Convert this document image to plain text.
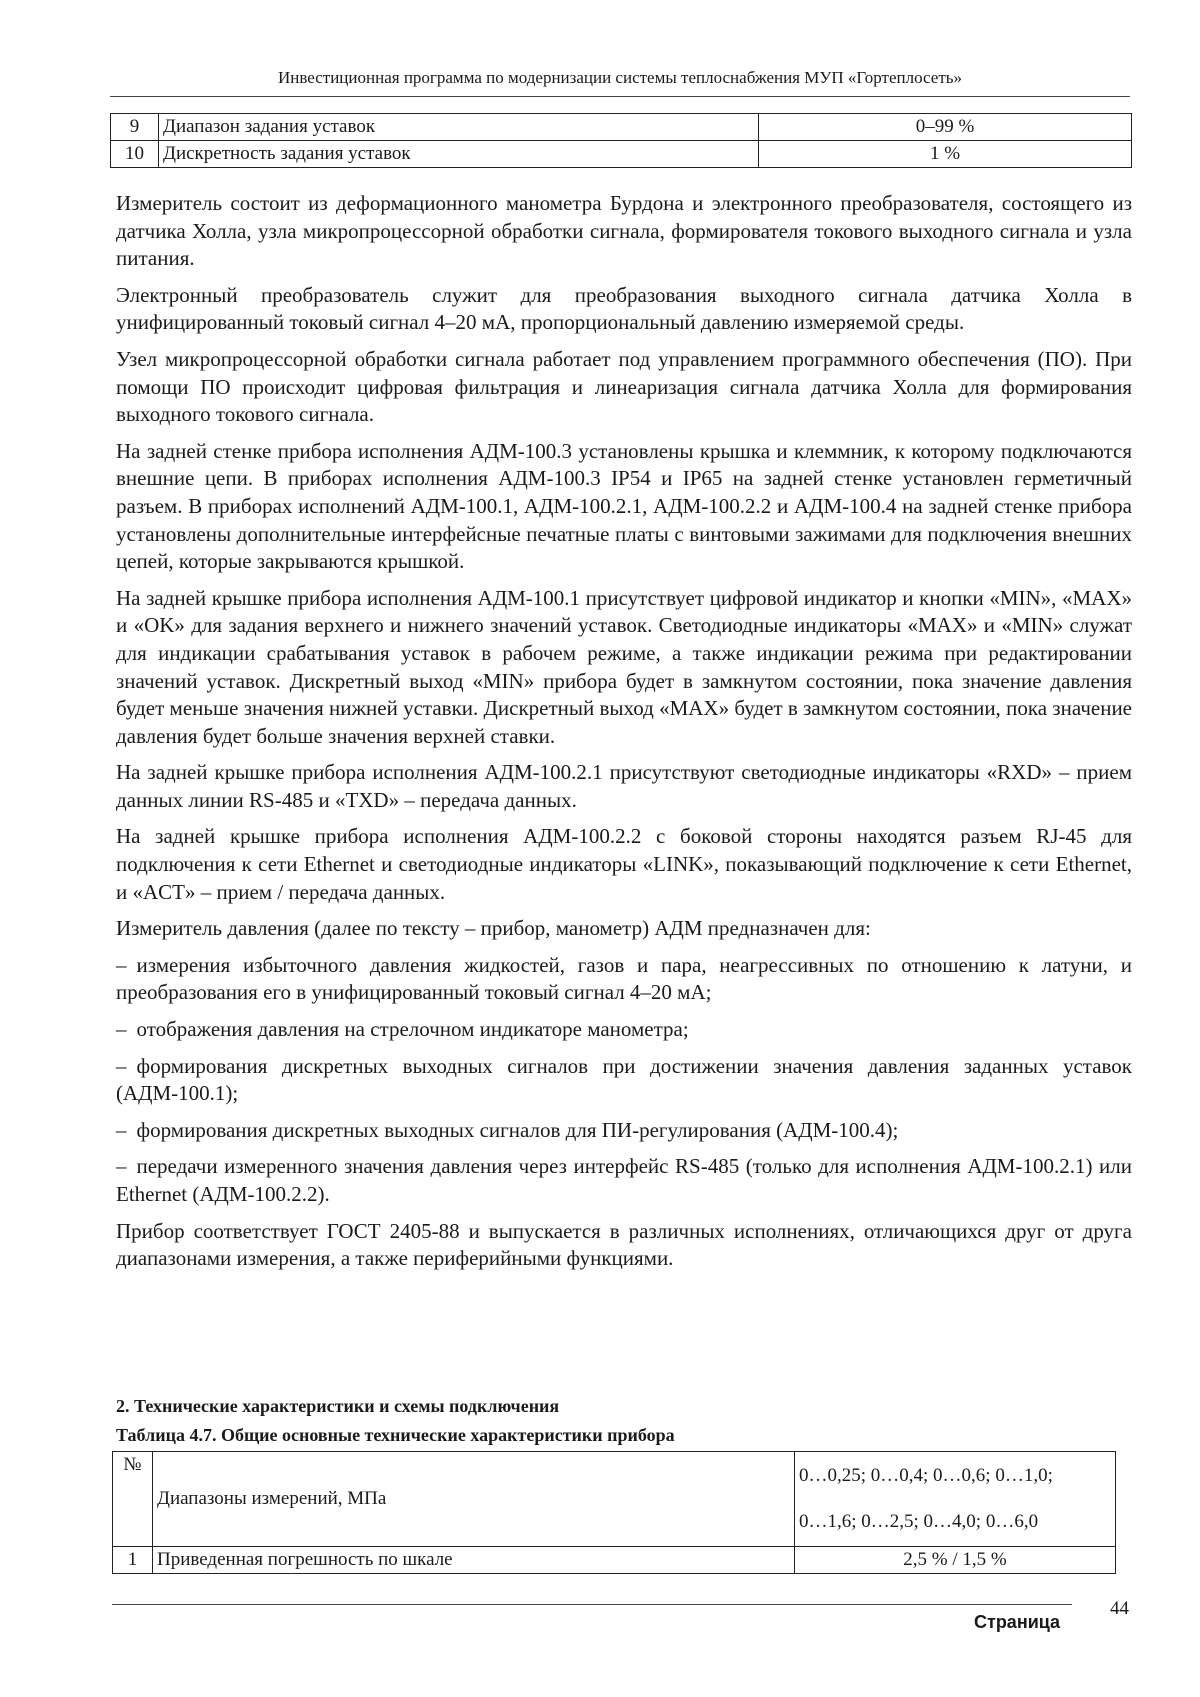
Инвестиционная программа по модернизации системы теплоснабжения МУП «Гортеплосеть»
9	Диапазон задания уставок	0–99 %
10	Дискретность задания уставок	1 %

Измеритель состоит из деформационного манометра Бурдона и электронного преобразователя, состоящего из датчика Холла, узла микропроцессорной обработки сигнала, формирователя токового выходного сигнала и узла питания.

Электронный преобразователь служит для преобразования выходного сигнала датчика Холла в унифицированный токовый сигнал 4–20 мА, пропорциональный давлению измеряемой среды.

Узел микропроцессорной обработки сигнала работает под управлением программного обеспечения (ПО). При помощи ПО происходит цифровая фильтрация и линеаризация сигнала датчика Холла для формирования выходного токового сигнала.

На задней стенке прибора исполнения АДМ-100.3 установлены крышка и клеммник, к которому подключаются внешние цепи. В приборах исполнения АДМ-100.3 IP54 и IP65 на задней стенке установлен герметичный разъем. В приборах исполнений АДМ-100.1, АДМ-100.2.1, АДМ-100.2.2 и АДМ-100.4 на задней стенке прибора установлены дополнительные интерфейсные печатные платы с винтовыми зажимами для подключения внешних цепей, которые закрываются крышкой.

На задней крышке прибора исполнения АДМ-100.1 присутствует цифровой индикатор и кнопки «MIN», «MAX» и «OK» для задания верхнего и нижнего значений уставок. Светодиодные индикаторы «MAX» и «MIN» служат для индикации срабатывания уставок в рабочем режиме, а также индикации режима при редактировании значений уставок. Дискретный выход «MIN» прибора будет в замкнутом состоянии, пока значение давления будет меньше значения нижней уставки. Дискретный выход «MAX» будет в замкнутом состоянии, пока значение давления будет больше значения верхней ставки.

На задней крышке прибора исполнения АДМ-100.2.1 присутствуют светодиодные индикаторы «RXD» – прием данных линии RS-485 и «TXD» – передача данных.

На задней крышке прибора исполнения АДМ-100.2.2 с боковой стороны находятся разъем RJ-45 для подключения к сети Ethernet и светодиодные индикаторы «LINK», показывающий подключение к сети Ethernet, и «ACT» – прием / передача данных.

Измеритель давления (далее по тексту – прибор, манометр) АДМ предназначен для:

– измерения избыточного давления жидкостей, газов и пара, неагрессивных по отношению к латуни, и преобразования его в унифицированный токовый сигнал 4–20 мА;
– отображения давления на стрелочном индикаторе манометра;
– формирования дискретных выходных сигналов при достижении значения давления заданных уставок (АДМ-100.1);
– формирования дискретных выходных сигналов для ПИ-регулирования (АДМ-100.4);
– передачи измеренного значения давления через интерфейс RS-485 (только для исполнения АДМ-100.2.1) или Ethernet (АДМ-100.2.2).

Прибор соответствует ГОСТ 2405-88 и выпускается в различных исполнениях, отличающихся друг от друга диапазонами измерения, а также периферийными функциями.

2. Технические характеристики и схемы подключения
Таблица 4.7. Общие основные технические характеристики прибора
№	Диапазоны измерений, МПа	0…0,25; 0…0,4; 0…0,6; 0…1,0;
0…1,6; 0…2,5; 0…4,0; 0…6,0

1	Приведенная погрешность по шкале	2,5 % / 1,5 %
Страница
44
